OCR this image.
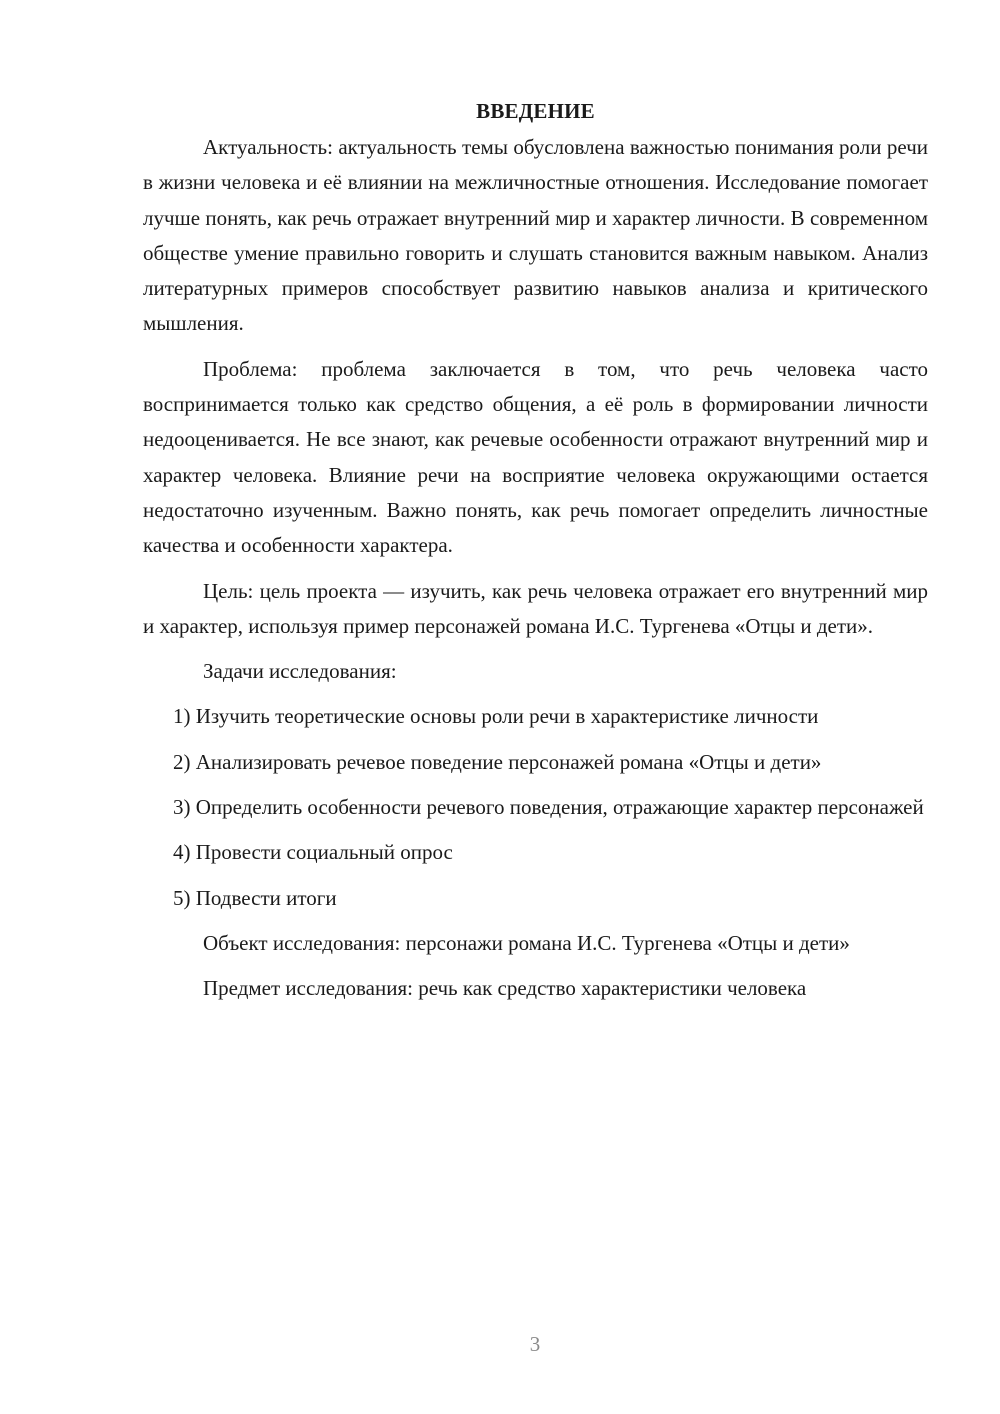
ВВЕДЕНИЕ

Актуальность: актуальность темы обусловлена важностью понимания роли речи в жизни человека и её влиянии на межличностные отношения. Исследование помогает лучше понять, как речь отражает внутренний мир и характер личности. В современном обществе умение правильно говорить и слушать становится важным навыком. Анализ литературных примеров способствует развитию навыков анализа и критического мышления.

Проблема: проблема заключается в том, что речь человека часто воспринимается только как средство общения, а её роль в формировании личности недооценивается. Не все знают, как речевые особенности отражают внутренний мир и характер человека. Влияние речи на восприятие человека окружающими остается недостаточно изученным. Важно понять, как речь помогает определить личностные качества и особенности характера.

Цель: цель проекта — изучить, как речь человека отражает его внутренний мир и характер, используя пример персонажей романа И.С. Тургенева «Отцы и дети».

Задачи исследования:

1) Изучить теоретические основы роли речи в характеристике личности

2) Анализировать речевое поведение персонажей романа «Отцы и дети»

3) Определить особенности речевого поведения, отражающие характер персонажей

4) Провести социальный опрос

5) Подвести итоги

Объект исследования: персонажи романа И.С. Тургенева «Отцы и дети»

Предмет исследования: речь как средство характеристики человека

3
